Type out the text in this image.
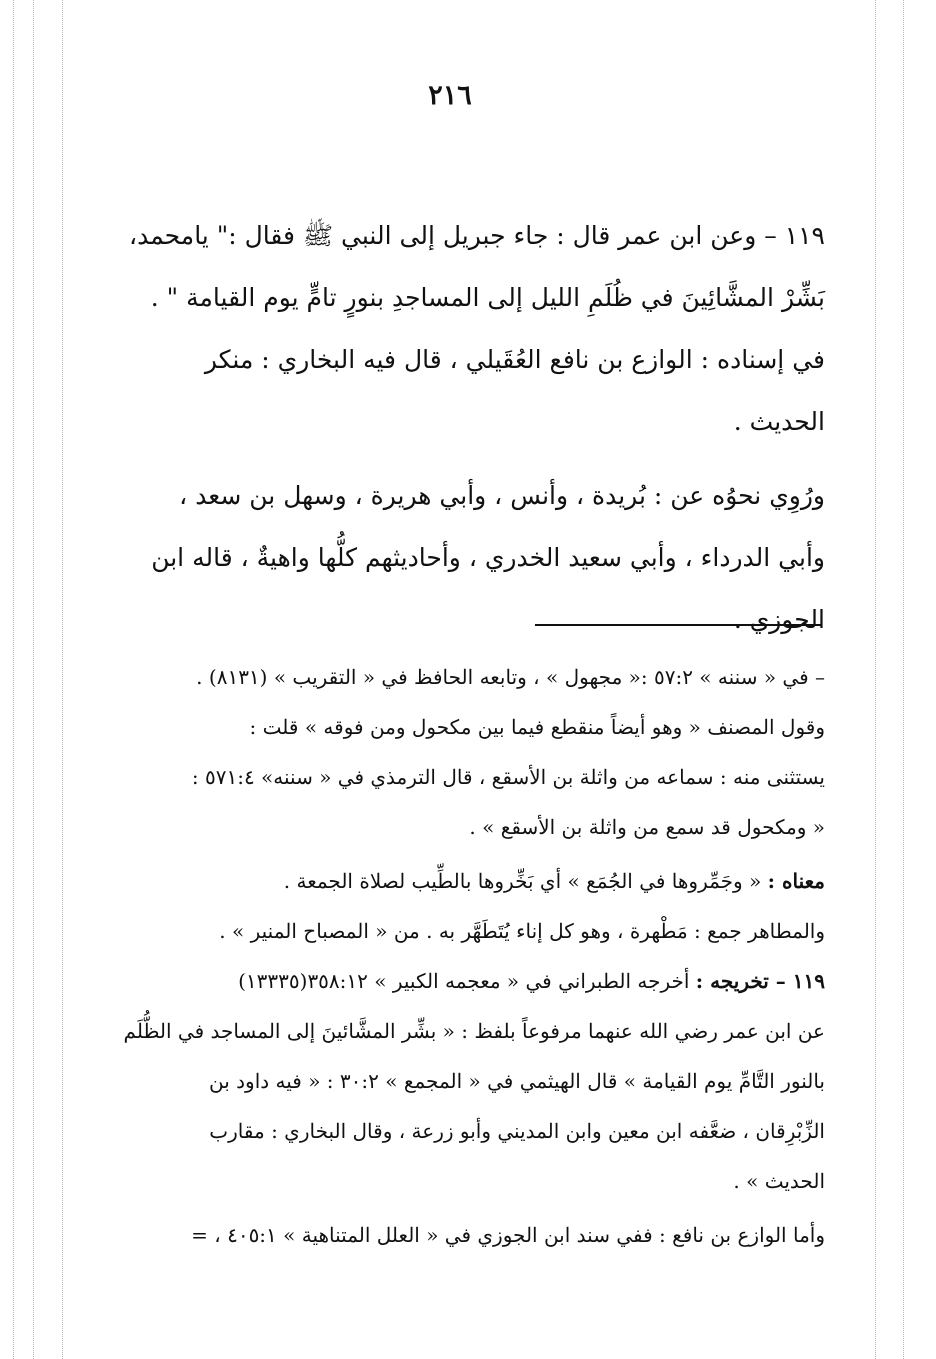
٢١٦

١١٩ – وعن ابن عمر قال : جاء جبريل إلى النبي ﷺ فقال :" يامحمد،

بَشِّرْ المشَّائِينَ في ظُلَمِ الليل إلى المساجدِ بنورٍ تامٍّ يوم القيامة " .

في إسناده : الوازع بن نافع العُقَيلي ، قال فيه البخاري : منكر

الحديث .

ورُوِي نحوُه عن : بُريدة ، وأنس ، وأبي هريرة ، وسهل بن سعد ،

وأبي الدرداء ، وأبي سعيد الخدري ، وأحاديثهم كلُّها واهيةٌ ، قاله ابن

الجوزي .

– في « سننه » ٥٧:٢ :« مجهول » ، وتابعه الحافظ في « التقريب » (٨١٣١) .

وقول المصنف « وهو أيضاً منقطع فيما بين مكحول ومن فوقه » قلت :

يستثنى منه : سماعه من واثلة بن الأسقع ، قال الترمذي في « سننه» ٥٧١:٤ :

« ومكحول قد سمع من واثلة بن الأسقع » .

معناه : « وجَمِّروها في الجُمَع » أي بَخِّروها بالطِّيب لصلاة الجمعة .

والمطاهر جمع : مَطْهرة ، وهو كل إناء يُتَطَهَّر به . من « المصباح المنير » .

١١٩ – تخريجه : أخرجه الطبراني في « معجمه الكبير » ٣٥٨:١٢(١٣٣٣٥)

عن ابن عمر رضي الله عنهما مرفوعاً بلفظ : « بشِّر المشَّائينَ إلى المساجد في الظُّلَم

بالنور التَّامِّ يوم القيامة » قال الهيثمي في « المجمع » ٣٠:٢ : « فيه داود بن

الزِّبْرِقان ، ضعَّفه ابن معين وابن المديني وأبو زرعة ، وقال البخاري : مقارب

الحديث » .

وأما الوازع بن نافع : ففي سند ابن الجوزي في « العلل المتناهية » ٤٠٥:١ ، =
